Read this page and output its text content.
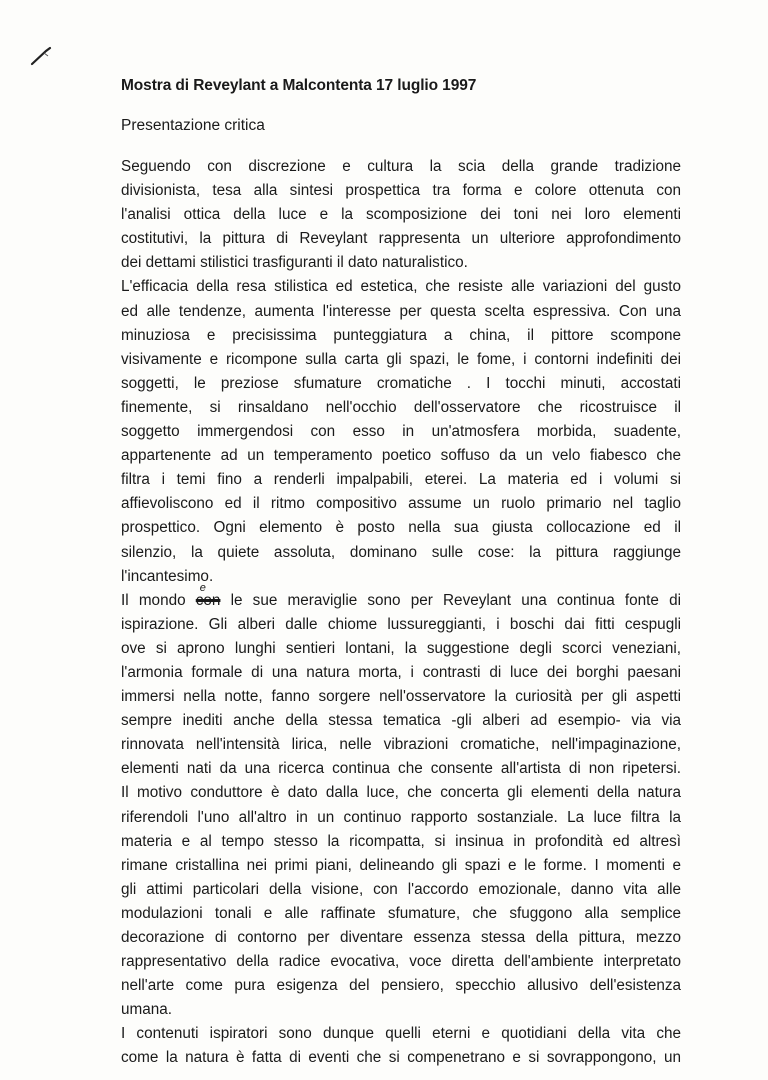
Mostra di Reveylant a Malcontenta 17 luglio 1997
Presentazione critica
Seguendo con discrezione e cultura la scia della grande tradizione
divisionista, tesa alla sintesi prospettica tra forma e colore ottenuta con
l'analisi ottica della luce e la scomposizione dei toni nei loro elementi
costitutivi, la pittura di Reveylant rappresenta un ulteriore approfondimento
dei dettami stilistici trasfiguranti il dato naturalistico.
L'efficacia della resa stilistica ed estetica, che resiste alle variazioni del gusto
ed alle tendenze, aumenta l'interesse per questa scelta espressiva. Con una
minuziosa e precisissima punteggiatura a china, il pittore scompone
visivamente e ricompone sulla carta gli spazi, le fome, i contorni indefiniti dei
soggetti, le preziose sfumature cromatiche . I tocchi minuti, accostati
finemente, si rinsaldano nell'occhio dell'osservatore che ricostruisce il
soggetto immergendosi con esso in un'atmosfera morbida, suadente,
appartenente ad un temperamento poetico soffuso da un velo fiabesco che
filtra i temi fino a renderli impalpabili, eterei. La materia ed i volumi si
affievoliscono ed il ritmo compositivo assume un ruolo primario nel taglio
prospettico. Ogni elemento è posto nella sua giusta collocazione ed il
silenzio, la quiete assoluta, dominano sulle cose: la pittura raggiunge
l'incantesimo.
Il mondo con
e
le sue meraviglie sono per Reveylant una continua fonte di
ispirazione. Gli alberi dalle chiome lussureggianti, i boschi dai fitti cespugli
ove si aprono lunghi sentieri lontani, la suggestione degli scorci veneziani,
l'armonia formale di una natura morta, i contrasti di luce dei borghi paesani
immersi nella notte, fanno sorgere nell'osservatore la curiosità per gli aspetti
sempre inediti anche della stessa tematica -gli alberi ad esempio- via via
rinnovata nell'intensità lirica, nelle vibrazioni cromatiche, nell'impaginazione,
elementi nati da una ricerca continua che consente all'artista di non ripetersi.
Il motivo conduttore è dato dalla luce, che concerta gli elementi della natura
riferendoli l'uno all'altro in un continuo rapporto sostanziale. La luce filtra la
materia e al tempo stesso la ricompatta, si insinua in profondità ed altresì
rimane cristallina nei primi piani, delineando gli spazi e le forme. I momenti e
gli attimi particolari della visione, con l'accordo emozionale, danno vita alle
modulazioni tonali e alle raffinate sfumature, che sfuggono alla semplice
decorazione di contorno per diventare essenza stessa della pittura, mezzo
rappresentativo della radice evocativa, voce diretta dell'ambiente interpretato
nell'arte come pura esigenza del pensiero, specchio allusivo dell'esistenza
umana.
I contenuti ispiratori sono dunque quelli eterni e quotidiani della vita che
come la natura è fatta di eventi che si compenetrano e si sovrappongono, un
